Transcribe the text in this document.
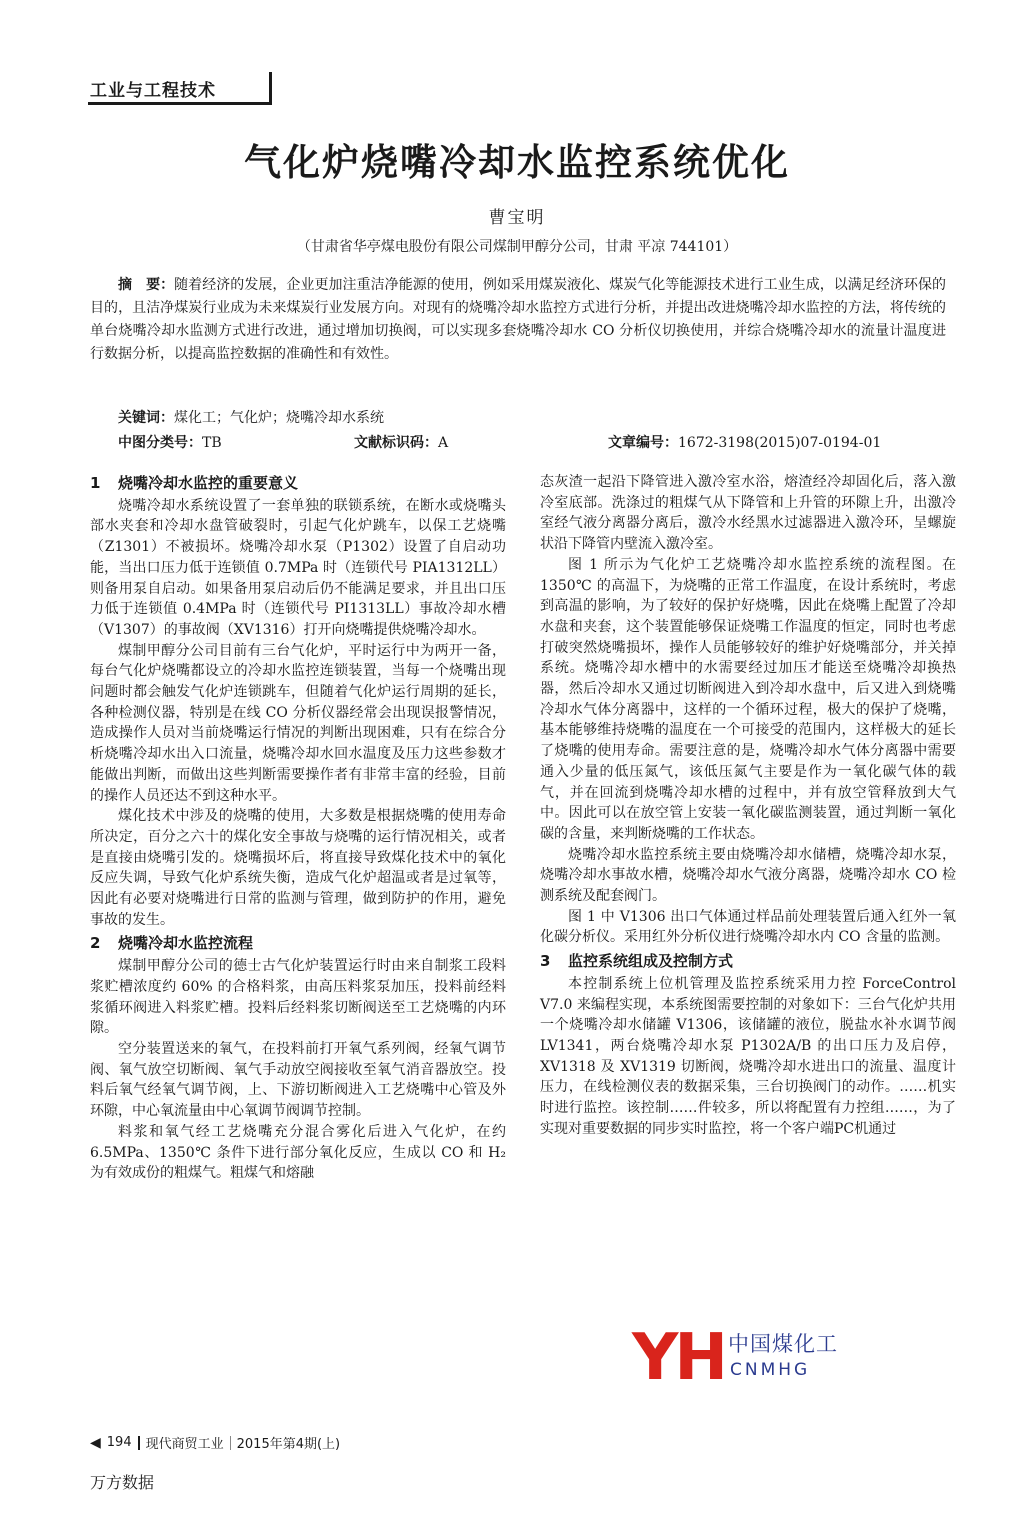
工业与工程技术
气化炉烧嘴冷却水监控系统优化
曹宝明
（甘肃省华亭煤电股份有限公司煤制甲醇分公司，甘肃 平凉 744101）
摘　要：随着经济的发展，企业更加注重洁净能源的使用，例如采用煤炭液化、煤炭气化等能源技术进行工业生成，以满足经济环保的目的，且洁净煤炭行业成为未来煤炭行业发展方向。对现有的烧嘴冷却水监控方式进行分析，并提出改进烧嘴冷却水监控的方法，将传统的单台烧嘴冷却水监测方式进行改进，通过增加切换阀，可以实现多套烧嘴冷却水 CO 分析仪切换使用，并综合烧嘴冷却水的流量计温度进行数据分析，以提高监控数据的准确性和有效性。
关键词：煤化工；气化炉；烧嘴冷却水系统
中图分类号：TB	文献标识码：A	文章编号：1672-3198(2015)07-0194-01
1 烧嘴冷却水监控的重要意义

烧嘴冷却水系统设置了一套单独的联锁系统，在断水或烧嘴头部水夹套和冷却水盘管破裂时，引起气化炉跳车，以保工艺烧嘴（Z1301）不被损坏。烧嘴冷却水泵（P1302）设置了自启动功能，当出口压力低于连锁值 0.7MPa 时（连锁代号 PIA1312LL）则备用泵自启动。如果备用泵启动后仍不能满足要求，并且出口压力低于连锁值 0.4MPa 时（连锁代号 PI1313LL）事故冷却水槽（V1307）的事故阀（XV1316）打开向烧嘴提供烧嘴冷却水。

煤制甲醇分公司目前有三台气化炉，平时运行中为两开一备，每台气化炉烧嘴都设立的冷却水监控连锁装置，当每一个烧嘴出现问题时都会触发气化炉连锁跳车，但随着气化炉运行周期的延长，各种检测仪器，特别是在线 CO 分析仪器经常会出现误报警情况，造成操作人员对当前烧嘴运行情况的判断出现困难，只有在综合分析烧嘴冷却水出入口流量，烧嘴冷却水回水温度及压力这些参数才能做出判断，而做出这些判断需要操作者有非常丰富的经验，目前的操作人员还达不到这种水平。

煤化技术中涉及的烧嘴的使用，大多数是根据烧嘴的使用寿命所决定，百分之六十的煤化安全事故与烧嘴的运行情况相关，或者是直接由烧嘴引发的。烧嘴损坏后，将直接导致煤化技术中的氧化反应失调，导致气化炉系统失衡，造成气化炉超温或者是过氧等，因此有必要对烧嘴进行日常的监测与管理，做到防护的作用，避免事故的发生。

2 烧嘴冷却水监控流程

煤制甲醇分公司的德士古气化炉装置运行时由来自制浆工段料浆贮槽浓度约 60% 的合格料浆，由高压料浆泵加压，投料前经料浆循环阀进入料浆贮槽。投料后经料浆切断阀送至工艺烧嘴的内环隙。

空分装置送来的氧气，在投料前打开氧气系列阀，经氧气调节阀、氧气放空切断阀、氧气手动放空阀接收至氧气消音器放空。投料后氧气经氧气调节阀，上、下游切断阀进入工艺烧嘴中心管及外环隙，中心氧流量由中心氧调节阀调节控制。

料浆和氧气经工艺烧嘴充分混合雾化后进入气化炉，在约 6.5MPa、1350℃ 条件下进行部分氧化反应，生成以 CO 和 H₂ 为有效成份的粗煤气。粗煤气和熔融

态灰渣一起沿下降管进入激冷室水浴，熔渣经冷却固化后，落入激冷室底部。洗涤过的粗煤气从下降管和上升管的环隙上升，出激冷室经气液分离器分离后，激冷水经黑水过滤器进入激冷环，呈螺旋状沿下降管内壁流入激冷室。

图 1 所示为气化炉工艺烧嘴冷却水监控系统的流程图。在 1350℃ 的高温下，为烧嘴的正常工作温度，在设计系统时，考虑到高温的影响，为了较好的保护好烧嘴，因此在烧嘴上配置了冷却水盘和夹套，这个装置能够保证烧嘴工作温度的恒定，同时也考虑打破突然烧嘴损坏，操作人员能够较好的维护好烧嘴部分，并关掉系统。烧嘴冷却水槽中的水需要经过加压才能送至烧嘴冷却换热器，然后冷却水又通过切断阀进入到冷却水盘中，后又进入到烧嘴冷却水气体分离器中，这样的一个循环过程，极大的保护了烧嘴，基本能够维持烧嘴的温度在一个可接受的范围内，这样极大的延长了烧嘴的使用寿命。需要注意的是，烧嘴冷却水气体分离器中需要通入少量的低压氮气，该低压氮气主要是作为一氧化碳气体的载气，并在回流到烧嘴冷却水槽的过程中，并有放空管释放到大气中。因此可以在放空管上安装一氧化碳监测装置，通过判断一氧化碳的含量，来判断烧嘴的工作状态。

烧嘴冷却水监控系统主要由烧嘴冷却水储槽，烧嘴冷却水泵，烧嘴冷却水事故水槽，烧嘴冷却水气液分离器，烧嘴冷却水 CO 检测系统及配套阀门。

图 1 中 V1306 出口气体通过样品前处理装置后通入红外一氧化碳分析仪。采用红外分析仪进行烧嘴冷却水内 CO 含量的监测。

3 监控系统组成及控制方式

本控制系统上位机管理及监控系统采用力控 ForceControl V7.0 来编程实现，本系统图需要控制的对象如下：三台气化炉共用一个烧嘴冷却水储罐 V1306，该储罐的液位，脱盐水补水调节阀 LV1341，两台烧嘴冷却水泵 P1302A/B 的出口压力及启停，XV1318 及 XV1319 切断阀，烧嘴冷却水进出口的流量、温度计压力，在线检测仪表的数据采集，三台切换阀门的动作。……机实时进行监控。该控制……件较多，所以将配置有力控组……，为了实现对重要数据的同步实时监控，将一个客户端PC机通过

YH 中国煤化工
CNMHG
◀ 194 现代商贸工业 2015年第4期(上)
万方数据
